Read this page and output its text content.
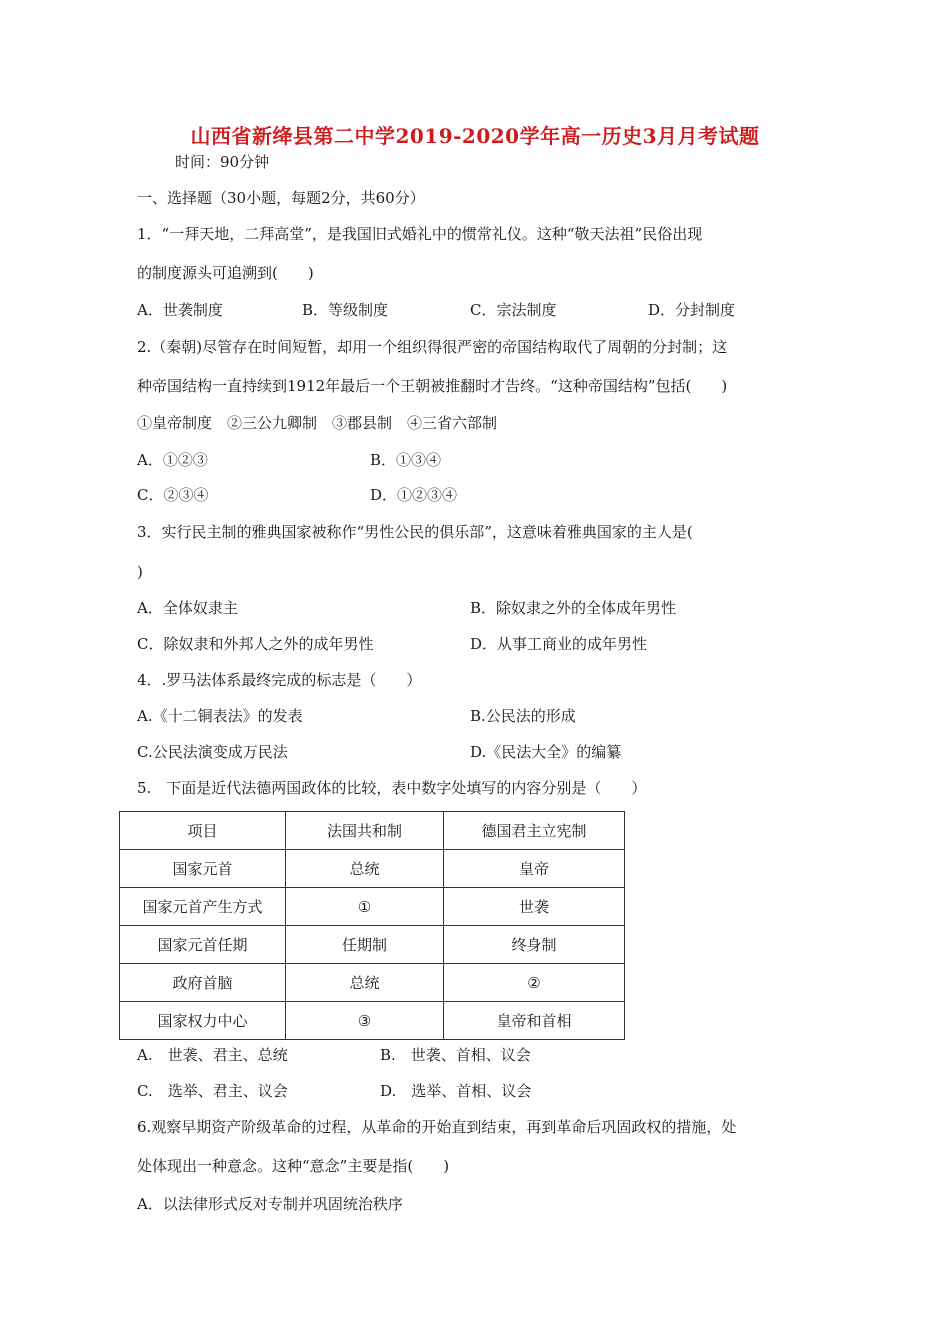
山西省新绛县第二中学2019-2020学年高一历史3月月考试题
时间：90分钟
一、选择题（30小题，每题2分，共60分）
1．“一拜天地，二拜高堂”，是我国旧式婚礼中的惯常礼仪。这种“敬天法祖”民俗出现
的制度源头可追溯到(　　)
A．世袭制度	B．等级制度	C．宗法制度	D．分封制度
2.（秦朝)尽管存在时间短暂，却用一个组织得很严密的帝国结构取代了周朝的分封制；这
种帝国结构一直持续到1912年最后一个王朝被推翻时才告终。“这种帝国结构”包括(　　)
①皇帝制度　②三公九卿制　③郡县制　④三省六部制
A．①②③	B．①③④
C．②③④	D．①②③④
3．实行民主制的雅典国家被称作“男性公民的俱乐部”，这意味着雅典国家的主人是(
)
A．全体奴隶主	B．除奴隶之外的全体成年男性
C．除奴隶和外邦人之外的成年男性	D．从事工商业的成年男性
4．.罗马法体系最终完成的标志是（　　）
A.《十二铜表法》的发表	B.公民法的形成
C.公民法演变成万民法	D.《民法大全》的编纂
5.　下面是近代法德两国政体的比较，表中数字处填写的内容分别是（　　）
项目	法国共和制	德国君主立宪制
国家元首	总统	皇帝
国家元首产生方式	①	世袭
国家元首任期	任期制	终身制
政府首脑	总统	②
国家权力中心	③	皇帝和首相
A.　世袭、君主、总统	B.　世袭、首相、议会
C.　选举、君主、议会	D.　选举、首相、议会
6.观察早期资产阶级革命的过程，从革命的开始直到结束，再到革命后巩固政权的措施，处
处体现出一种意念。这种“意念”主要是指(　　)
A．以法律形式反对专制并巩固统治秩序
